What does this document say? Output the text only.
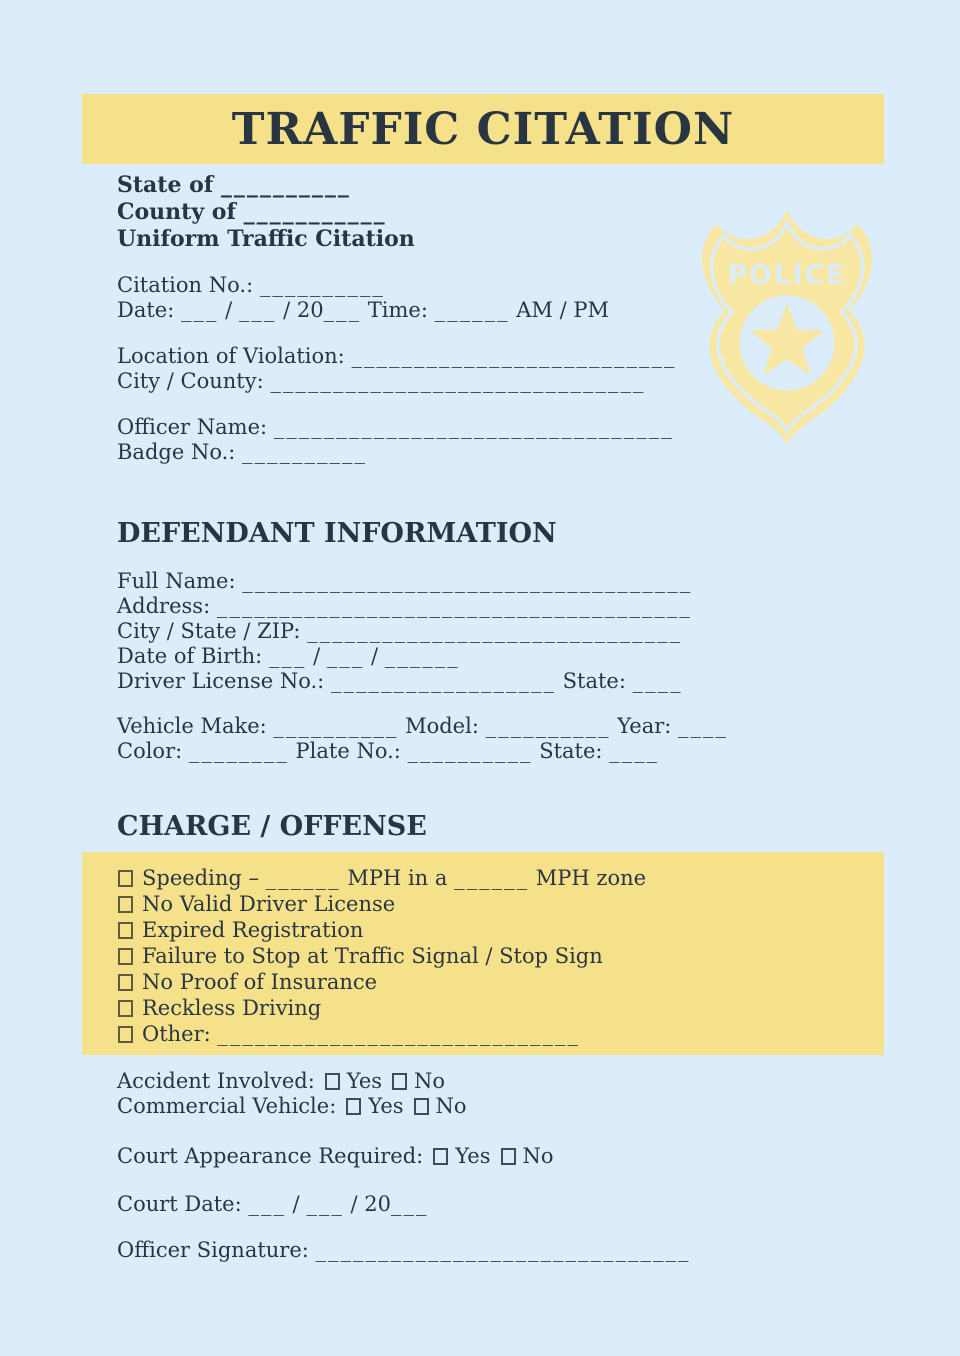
TRAFFIC CITATION
POLICE
State of __________
County of ___________
Uniform Traffic Citation
Citation No.: __________
Date: ___ / ___ / 20___ Time: ______ AM / PM
Location of Violation: __________________________
City / County: ______________________________
Officer Name: ________________________________
Badge No.: __________
DEFENDANT INFORMATION
Full Name: ____________________________________
Address: ______________________________________
City / State / ZIP: ______________________________
Date of Birth: ___ / ___ / ______
Driver License No.: __________________ State: ____
Vehicle Make: __________ Model: __________ Year: ____
Color: ________ Plate No.: __________ State: ____
CHARGE / OFFENSE
Speeding – ______ MPH in a ______ MPH zone
No Valid Driver License
Expired Registration
Failure to Stop at Traffic Signal / Stop Sign
No Proof of Insurance
Reckless Driving
Other: _____________________________
Accident Involved: Yes No
Commercial Vehicle: Yes No
Court Appearance Required: Yes No
Court Date: ___ / ___ / 20___
Officer Signature: ______________________________
